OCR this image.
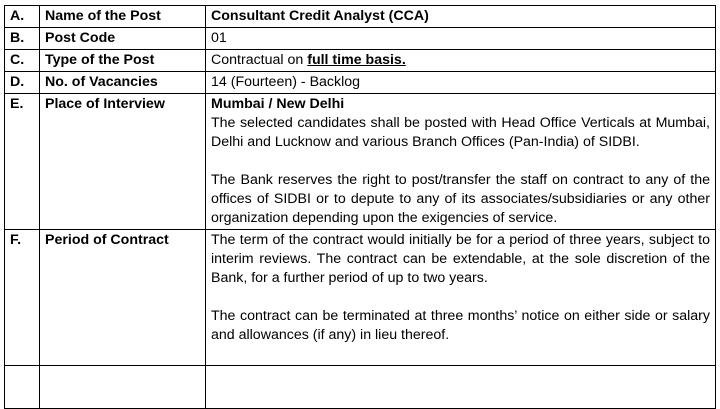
A.	Name of the Post	Consultant Credit Analyst (CCA)
B.	Post Code	01
C.	Type of the Post	Contractual on full time basis.
D.	No. of Vacancies	14 (Fourteen) - Backlog
E.	Place of Interview	Mumbai / New Delhi

The selected candidates shall be posted with Head Office Verticals at Mumbai, Delhi and Lucknow and various Branch Offices (Pan-India) of SIDBI.

The Bank reserves the right to post/transfer the staff on contract to any of the offices of SIDBI or to depute to any of its associates/subsidiaries or any other organization depending upon the exigencies of service.

F.	Period of Contract	The term of the contract would initially be for a period of three years, subject to interim reviews. The contract can be extendable, at the sole discretion of the Bank, for a further period of up to two years.

The contract can be terminated at three months’ notice on either side or salary and allowances (if any) in lieu thereof.
